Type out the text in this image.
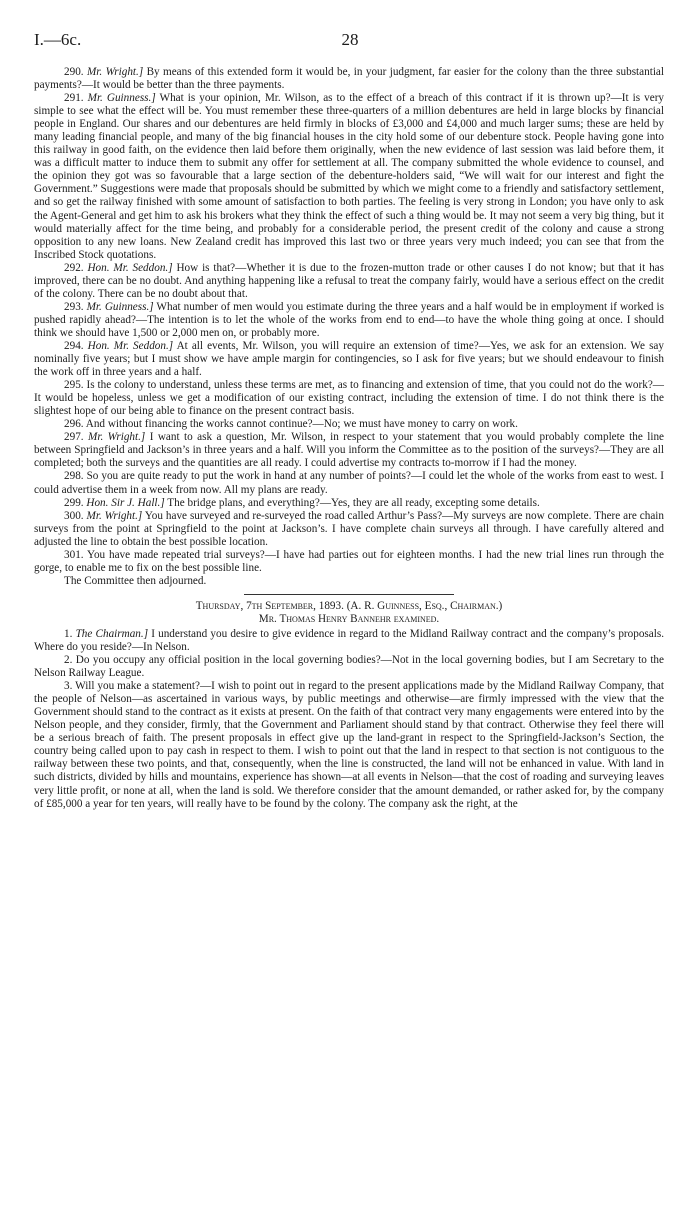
I.—6c.	28

290. Mr. Wright.] By means of this extended form it would be, in your judgment, far easier for the colony than the three substantial payments?—It would be better than the three payments.

291. Mr. Guinness.] What is your opinion, Mr. Wilson, as to the effect of a breach of this contract if it is thrown up?—It is very simple to see what the effect will be. You must remember these three-quarters of a million debentures are held in large blocks by financial people in England. Our shares and our debentures are held firmly in blocks of £3,000 and £4,000 and much larger sums; these are held by many leading financial people, and many of the big financial houses in the city hold some of our debenture stock. People having gone into this railway in good faith, on the evidence then laid before them originally, when the new evidence of last session was laid before them, it was a difficult matter to induce them to submit any offer for settlement at all. The company submitted the whole evidence to counsel, and the opinion they got was so favourable that a large section of the debenture-holders said, “We will wait for our interest and fight the Government.” Suggestions were made that proposals should be submitted by which we might come to a friendly and satisfactory settlement, and so get the railway finished with some amount of satisfaction to both parties. The feeling is very strong in London; you have only to ask the Agent-General and get him to ask his brokers what they think the effect of such a thing would be. It may not seem a very big thing, but it would materially affect for the time being, and probably for a considerable period, the present credit of the colony and cause a strong opposition to any new loans. New Zealand credit has improved this last two or three years very much indeed; you can see that from the Inscribed Stock quotations.

292. Hon. Mr. Seddon.] How is that?—Whether it is due to the frozen-mutton trade or other causes I do not know; but that it has improved, there can be no doubt. And anything happening like a refusal to treat the company fairly, would have a serious effect on the credit of the colony. There can be no doubt about that.

293. Mr. Guinness.] What number of men would you estimate during the three years and a half would be in employment if worked is pushed rapidly ahead?—The intention is to let the whole of the works from end to end—to have the whole thing going at once. I should think we should have 1,500 or 2,000 men on, or probably more.

294. Hon. Mr. Seddon.] At all events, Mr. Wilson, you will require an extension of time?—Yes, we ask for an extension. We say nominally five years; but I must show we have ample margin for contingencies, so I ask for five years; but we should endeavour to finish the work off in three years and a half.

295. Is the colony to understand, unless these terms are met, as to financing and extension of time, that you could not do the work?—It would be hopeless, unless we get a modification of our existing contract, including the extension of time. I do not think there is the slightest hope of our being able to finance on the present contract basis.

296. And without financing the works cannot continue?—No; we must have money to carry on work.

297. Mr. Wright.] I want to ask a question, Mr. Wilson, in respect to your statement that you would probably complete the line between Springfield and Jackson’s in three years and a half. Will you inform the Committee as to the position of the surveys?—They are all completed; both the surveys and the quantities are all ready. I could advertise my contracts to-morrow if I had the money.

298. So you are quite ready to put the work in hand at any number of points?—I could let the whole of the works from east to west. I could advertise them in a week from now. All my plans are ready.

299. Hon. Sir J. Hall.] The bridge plans, and everything?—Yes, they are all ready, excepting some details.

300. Mr. Wright.] You have surveyed and re-surveyed the road called Arthur’s Pass?—My surveys are now complete. There are chain surveys from the point at Springfield to the point at Jackson’s. I have complete chain surveys all through. I have carefully altered and adjusted the line to obtain the best possible location.

301. You have made repeated trial surveys?—I have had parties out for eighteen months. I had the new trial lines run through the gorge, to enable me to fix on the best possible line.

The Committee then adjourned.

Thursday, 7th September, 1893. (A. R. Guinness, Esq., Chairman.)

Mr. Thomas Henry Bannehr examined.

1. The Chairman.] I understand you desire to give evidence in regard to the Midland Railway contract and the company’s proposals. Where do you reside?—In Nelson.

2. Do you occupy any official position in the local governing bodies?—Not in the local governing bodies, but I am Secretary to the Nelson Railway League.

3. Will you make a statement?—I wish to point out in regard to the present applications made by the Midland Railway Company, that the people of Nelson—as ascertained in various ways, by public meetings and otherwise—are firmly impressed with the view that the Government should stand to the contract as it exists at present. On the faith of that contract very many engagements were entered into by the Nelson people, and they consider, firmly, that the Government and Parliament should stand by that contract. Otherwise they feel there will be a serious breach of faith. The present proposals in effect give up the land-grant in respect to the Springfield-Jackson’s Section, the country being called upon to pay cash in respect to them. I wish to point out that the land in respect to that section is not contiguous to the railway between these two points, and that, consequently, when the line is constructed, the land will not be enhanced in value. With land in such districts, divided by hills and mountains, experience has shown—at all events in Nelson—that the cost of roading and surveying leaves very little profit, or none at all, when the land is sold. We therefore consider that the amount demanded, or rather asked for, by the company of £85,000 a year for ten years, will really have to be found by the colony. The company ask the right, at the
